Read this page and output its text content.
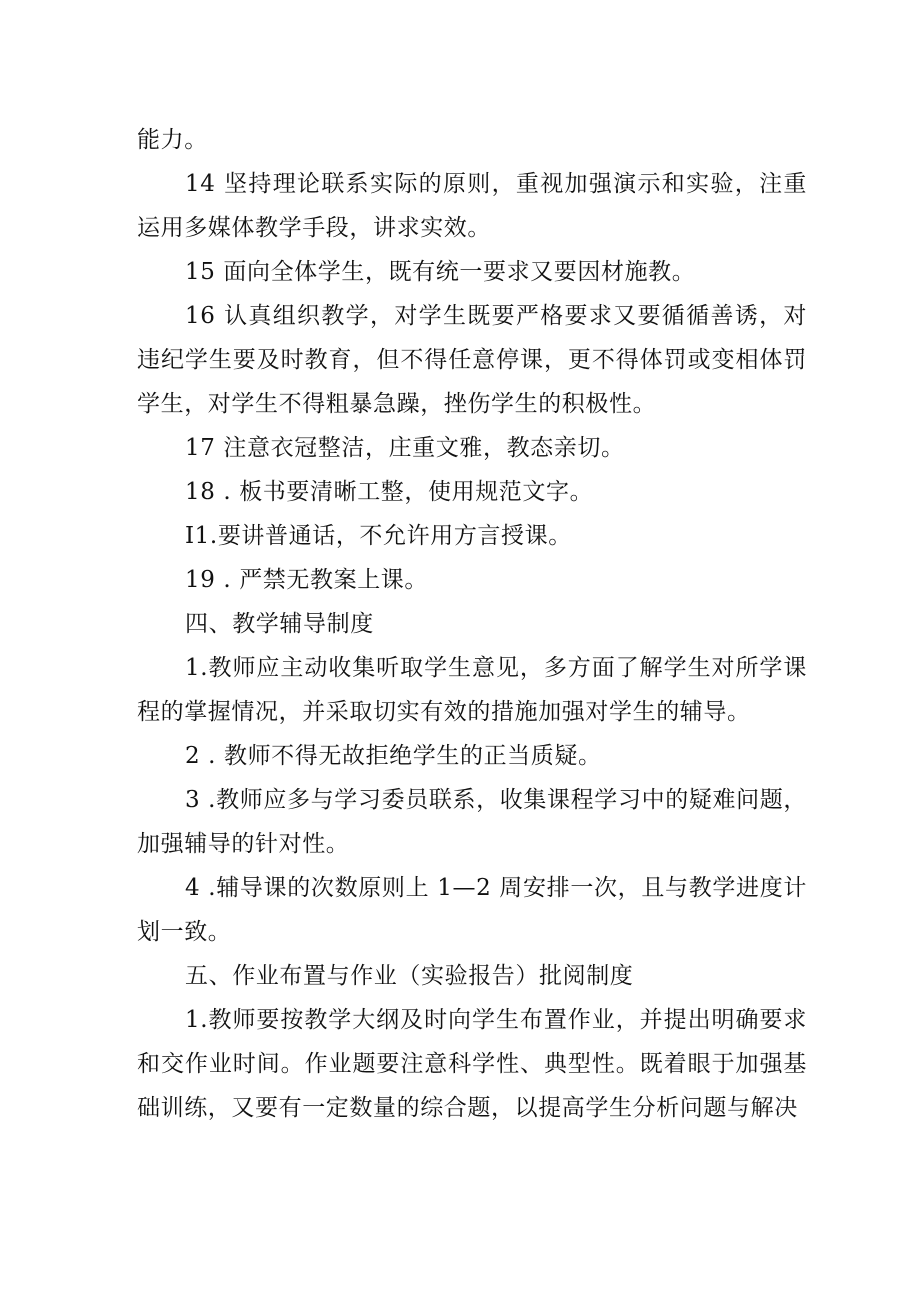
能力。

14 坚持理论联系实际的原则，重视加强演示和实验，注重运用多媒体教学手段，讲求实效。

15 面向全体学生，既有统一要求又要因材施教。

16 认真组织教学，对学生既要严格要求又要循循善诱，对违纪学生要及时教育，但不得任意停课，更不得体罚或变相体罚学生，对学生不得粗暴急躁，挫伤学生的积极性。

17 注意衣冠整洁，庄重文雅，教态亲切。

18 . 板书要清晰工整，使用规范文字。

I1.要讲普通话，不允许用方言授课。

19 . 严禁无教案上课。

四、教学辅导制度

1.教师应主动收集听取学生意见，多方面了解学生对所学课程的掌握情况，并采取切实有效的措施加强对学生的辅导。

2 . 教师不得无故拒绝学生的正当质疑。

3 .教师应多与学习委员联系，收集课程学习中的疑难问题，加强辅导的针对性。

4 .辅导课的次数原则上 1—2 周安排一次，且与教学进度计划一致。

五、作业布置与作业（实验报告）批阅制度

1.教师要按教学大纲及时向学生布置作业，并提出明确要求和交作业时间。作业题要注意科学性、典型性。既着眼于加强基础训练，又要有一定数量的综合题，以提高学生分析问题与解决
